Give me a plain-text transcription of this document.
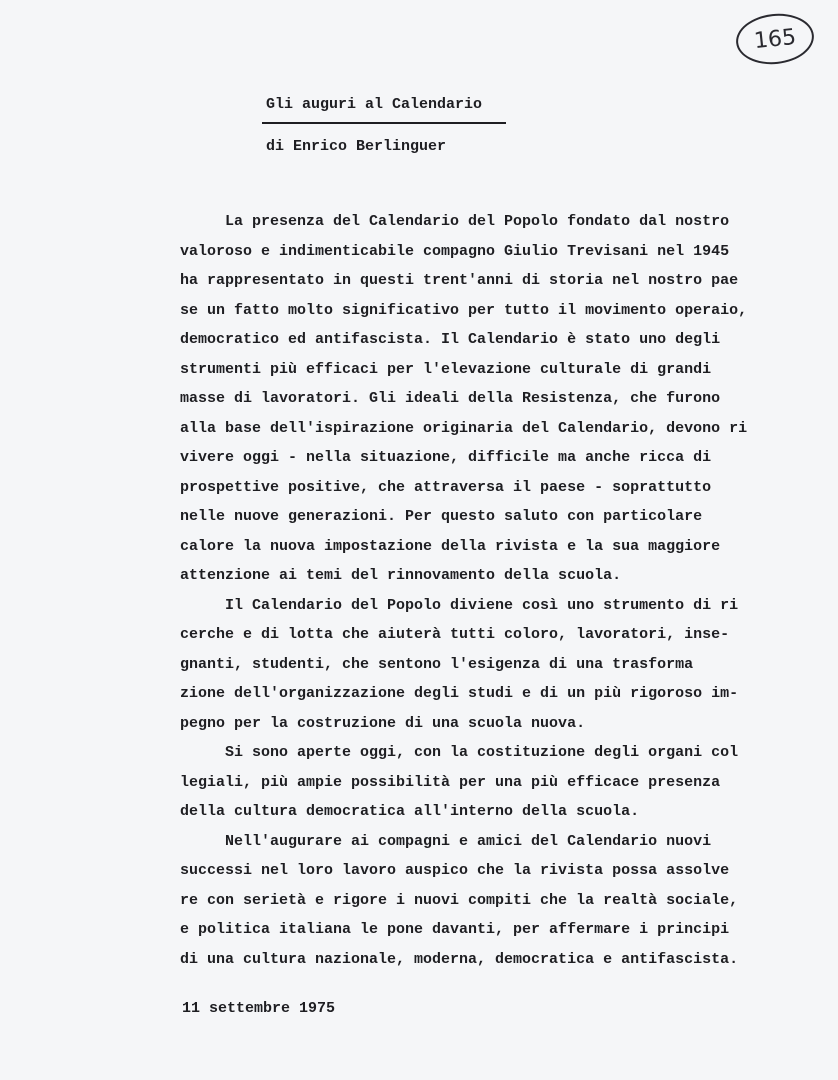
165
Gli auguri al Calendario

di Enrico Berlinguer

La presenza del Calendario del Popolo fondato dal nostro

valoroso e indimenticabile compagno Giulio Trevisani nel 1945

ha rappresentato in questi trent'anni di storia nel nostro pae

se un fatto molto significativo per tutto il movimento operaio,

democratico ed antifascista. Il Calendario è stato uno degli

strumenti più efficaci per l'elevazione culturale di grandi

masse di lavoratori. Gli ideali della Resistenza, che furono

alla base dell'ispirazione originaria del Calendario, devono ri

vivere oggi - nella situazione, difficile ma anche ricca di

prospettive positive, che attraversa il paese - soprattutto

nelle nuove generazioni. Per questo saluto con particolare

calore la nuova impostazione della rivista e la sua maggiore

attenzione ai temi del rinnovamento della scuola.

Il Calendario del Popolo diviene così uno strumento di ri

cerche e di lotta che aiuterà tutti coloro, lavoratori, inse-

gnanti, studenti, che sentono l'esigenza di una trasforma

zione dell'organizzazione degli studi e di un più rigoroso im-

pegno per la costruzione di una scuola nuova.

Si sono aperte oggi, con la costituzione degli organi col

legiali, più ampie possibilità per una più efficace presenza

della cultura democratica all'interno della scuola.

Nell'augurare ai compagni e amici del Calendario nuovi

successi nel loro lavoro auspico che la rivista possa assolve

re con serietà e rigore i nuovi compiti che la realtà sociale,

e politica italiana le pone davanti, per affermare i principi

di una cultura nazionale, moderna, democratica e antifascista.

11 settembre 1975
